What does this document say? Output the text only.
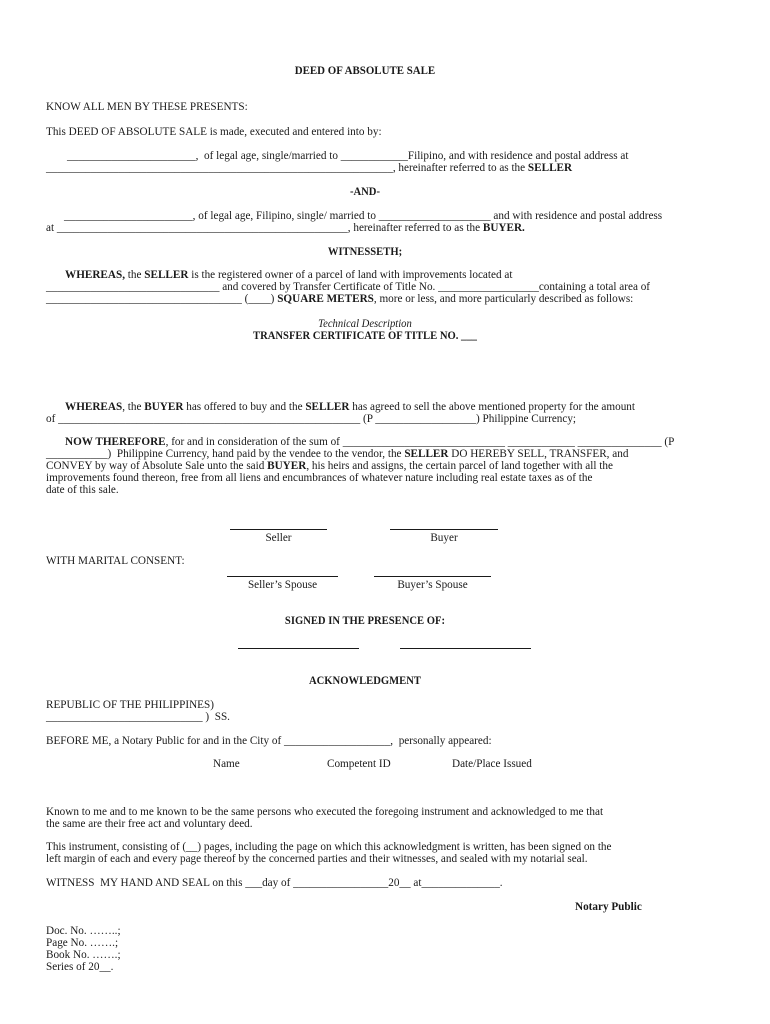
DEED OF ABSOLUTE SALE
KNOW ALL MEN BY THESE PRESENTS:
This DEED OF ABSOLUTE SALE is made, executed and entered into by:
_______________________,  of legal age, single/married to ____________Filipino, and with residence and postal address at
______________________________________________________________, hereinafter referred to as the SELLER
-AND-
_______________________, of legal age, Filipino, single/ married to ____________________ and with residence and postal address
at ____________________________________________________, hereinafter referred to as the BUYER.
WITNESSETH;
WHEREAS, the SELLER is the registered owner of a parcel of land with improvements located at
_______________________________ and covered by Transfer Certificate of Title No. __________________containing a total area of
___________________________________ (____) SQUARE METERS, more or less, and more particularly described as follows:
Technical Description
TRANSFER CERTIFICATE OF TITLE NO. ___
WHEREAS, the BUYER has offered to buy and the SELLER has agreed to sell the above mentioned property for the amount
of ______________________________________________________ (P __________________) Philippine Currency;
NOW THEREFORE, for and in consideration of the sum of _____________________________ ____________ _______________ (P
___________)  Philippine Currency, hand paid by the vendee to the vendor, the SELLER DO HEREBY SELL, TRANSFER, and
CONVEY by way of Absolute Sale unto the said BUYER, his heirs and assigns, the certain parcel of land together with all the
improvements found thereon, free from all liens and encumbrances of whatever nature including real estate taxes as of the
date of this sale.
Seller	Buyer
WITH MARITAL CONSENT:
Seller’s Spouse	Buyer’s Spouse
SIGNED IN THE PRESENCE OF:
ACKNOWLEDGMENT
REPUBLIC OF THE PHILIPPINES)
____________________________ )  SS.
BEFORE ME, a Notary Public for and in the City of ___________________,  personally appeared:
Name	Competent ID	Date/Place Issued
Known to me and to me known to be the same persons who executed the foregoing instrument and acknowledged to me that
the same are their free act and voluntary deed.
This instrument, consisting of (__) pages, including the page on which this acknowledgment is written, has been signed on the
left margin of each and every page thereof by the concerned parties and their witnesses, and sealed with my notarial seal.
WITNESS  MY HAND AND SEAL on this ___day of _________________20__ at______________.
Notary Public
Doc. No. ……..;
Page No. …….;
Book No. …….;
Series of 20__.
